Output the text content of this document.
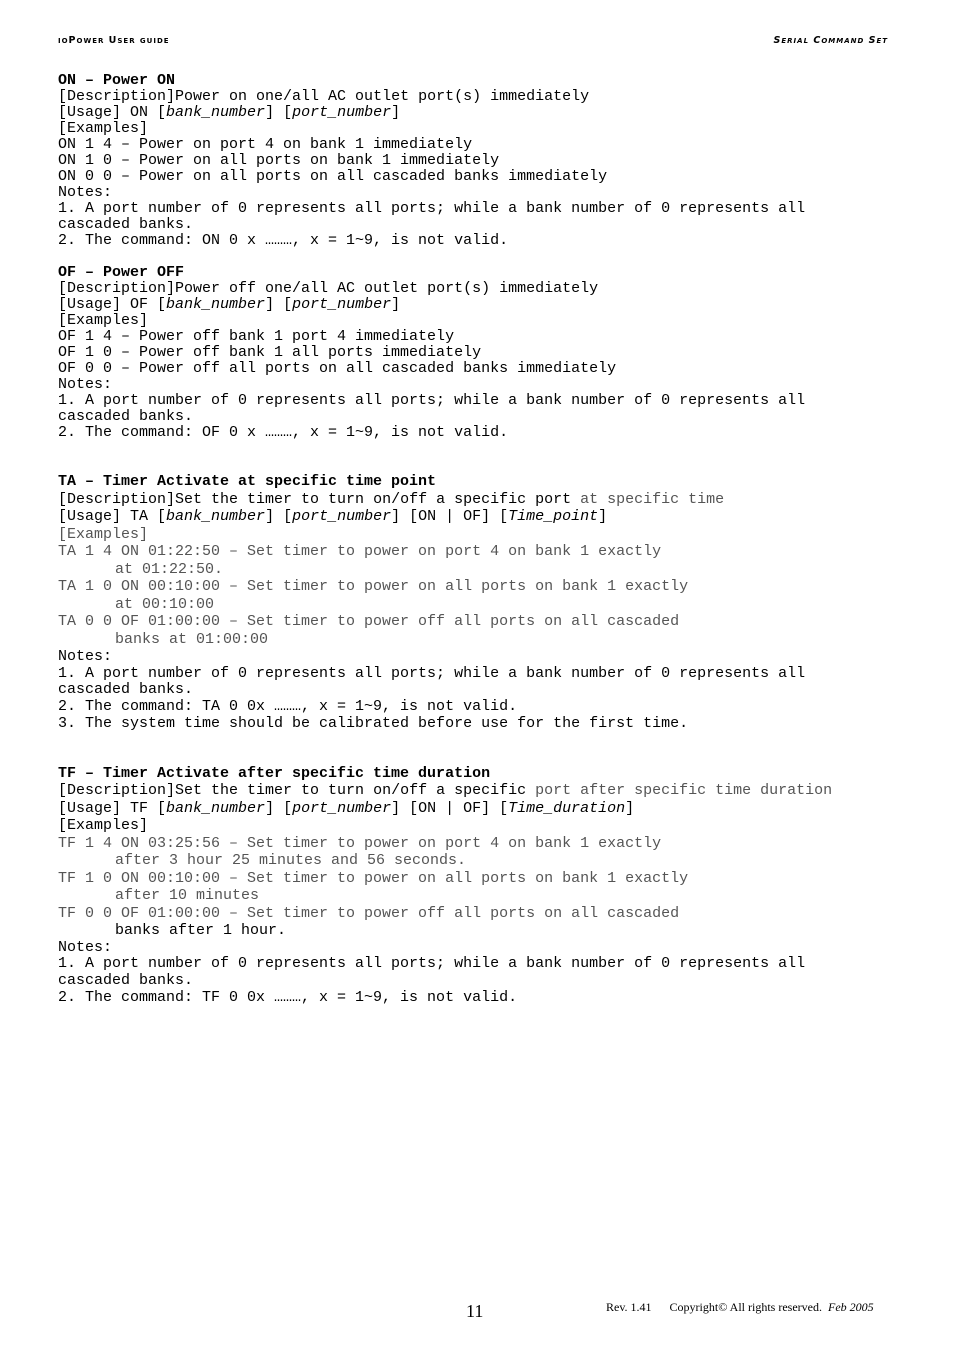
ioPower User guide	Serial Command Set
ON – Power ON
[Description]Power on one/all AC outlet port(s) immediately
[Usage] ON [bank_number] [port_number]
[Examples]
ON 1 4 – Power on port 4 on bank 1 immediately
ON 1 0 – Power on all ports on bank 1 immediately
ON 0 0 – Power on all ports on all cascaded banks immediately
Notes:
1. A port number of 0 represents all ports; while a bank number of 0 represents all
cascaded banks.
2. The command: ON 0 x ………, x = 1~9, is not valid.
OF – Power OFF
[Description]Power off one/all AC outlet port(s) immediately
[Usage] OF [bank_number] [port_number]
[Examples]
OF 1 4 – Power off bank 1 port 4 immediately
OF 1 0 – Power off bank 1 all ports immediately
OF 0 0 – Power off all ports on all cascaded banks immediately
Notes:
1. A port number of 0 represents all ports; while a bank number of 0 represents all
cascaded banks.
2. The command: OF 0 x ………, x = 1~9, is not valid.
TA – Timer Activate at specific time point
[Description]Set the timer to turn on/off a specific port at specific time
[Usage] TA [bank_number] [port_number] [ON | OF] [Time_point]
[Examples]
TA 1 4 ON 01:22:50 – Set timer to power on port 4 on bank 1 exactly
at 01:22:50.
TA 1 0 ON 00:10:00 – Set timer to power on all ports on bank 1 exactly
at 00:10:00
TA 0 0 OF 01:00:00 – Set timer to power off all ports on all cascaded
banks at 01:00:00
Notes:
1. A port number of 0 represents all ports; while a bank number of 0 represents all
cascaded banks.
2. The command: TA 0 0x ………, x = 1~9, is not valid.
3. The system time should be calibrated before use for the first time.
TF – Timer Activate after specific time duration
[Description]Set the timer to turn on/off a specific port after specific time duration
[Usage] TF [bank_number] [port_number] [ON | OF] [Time_duration]
[Examples]
TF 1 4 ON 03:25:56 – Set timer to power on port 4 on bank 1 exactly
after 3 hour 25 minutes and 56 seconds.
TF 1 0 ON 00:10:00 – Set timer to power on all ports on bank 1 exactly
after 10 minutes
TF 0 0 OF 01:00:00 – Set timer to power off all ports on all cascaded
banks after 1 hour.
Notes:
1. A port number of 0 represents all ports; while a bank number of 0 represents all
cascaded banks.
2. The command: TF 0 0x ………, x = 1~9, is not valid.
11	Rev. 1.41      Copyright© All rights reserved.  Feb 2005
